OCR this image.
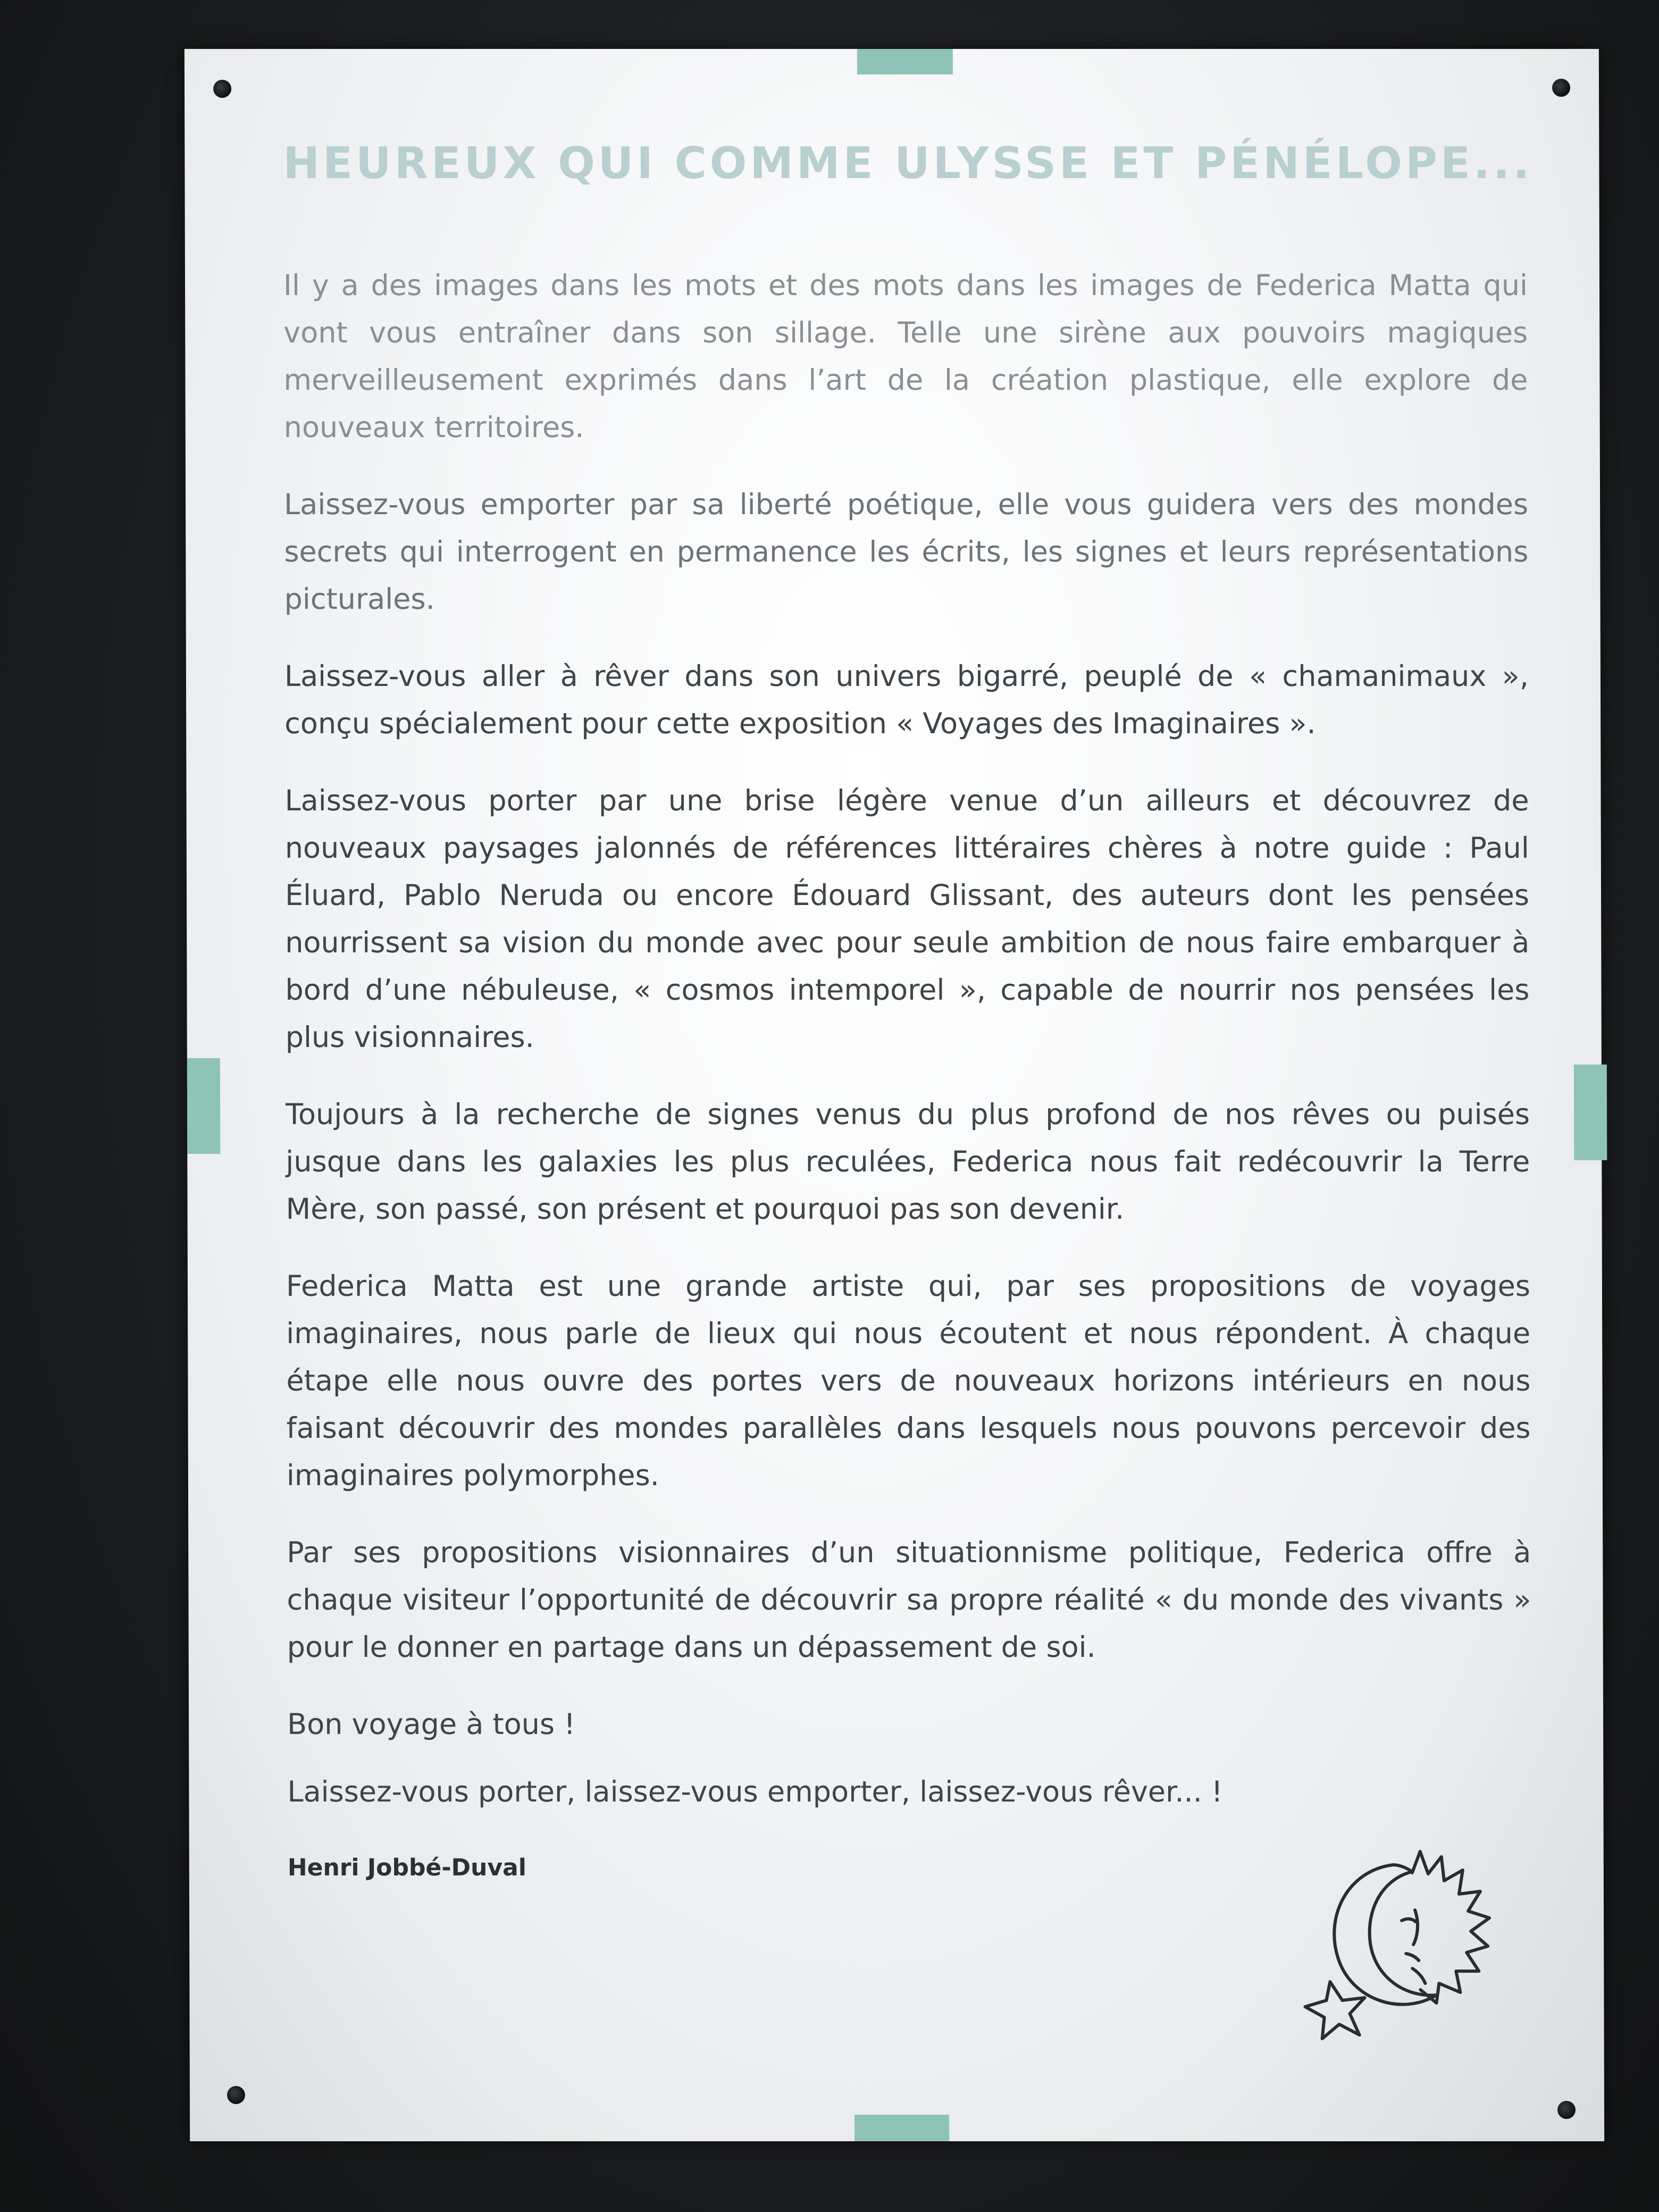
HEUREUX QUI COMME ULYSSE ET PÉNÉLOPE...

Il y a des images dans les mots et des mots dans les images de Federica Matta qui vont vous entraîner dans son sillage. Telle une sirène aux pouvoirs magiques merveilleusement exprimés dans l’art de la création plastique, elle explore de nouveaux territoires.

Laissez-vous emporter par sa liberté poétique, elle vous guidera vers des mondes secrets qui interrogent en permanence les écrits, les signes et leurs représentations picturales.

Laissez-vous aller à rêver dans son univers bigarré, peuplé de « chamanimaux », conçu spécialement pour cette exposition « Voyages des Imaginaires ».

Laissez-vous porter par une brise légère venue d’un ailleurs et découvrez de nouveaux paysages jalonnés de références littéraires chères à notre guide : Paul Éluard, Pablo Neruda ou encore Édouard Glissant, des auteurs dont les pensées nourrissent sa vision du monde avec pour seule ambition de nous faire embarquer à bord d’une nébuleuse, « cosmos intemporel », capable de nourrir nos pensées les plus visionnaires.

Toujours à la recherche de signes venus du plus profond de nos rêves ou puisés jusque dans les galaxies les plus reculées, Federica nous fait redécouvrir la Terre Mère, son passé, son présent et pourquoi pas son devenir.

Federica Matta est une grande artiste qui, par ses propositions de voyages imaginaires, nous parle de lieux qui nous écoutent et nous répondent. À chaque étape elle nous ouvre des portes vers de nouveaux horizons intérieurs en nous faisant découvrir des mondes parallèles dans lesquels nous pouvons percevoir des imaginaires polymorphes.

Par ses propositions visionnaires d’un situationnisme politique, Federica offre à chaque visiteur l’opportunité de découvrir sa propre réalité « du monde des vivants » pour le donner en partage dans un dépassement de soi.

Bon voyage à tous !

Laissez-vous porter, laissez-vous emporter, laissez-vous rêver... !

Henri Jobbé-Duval
